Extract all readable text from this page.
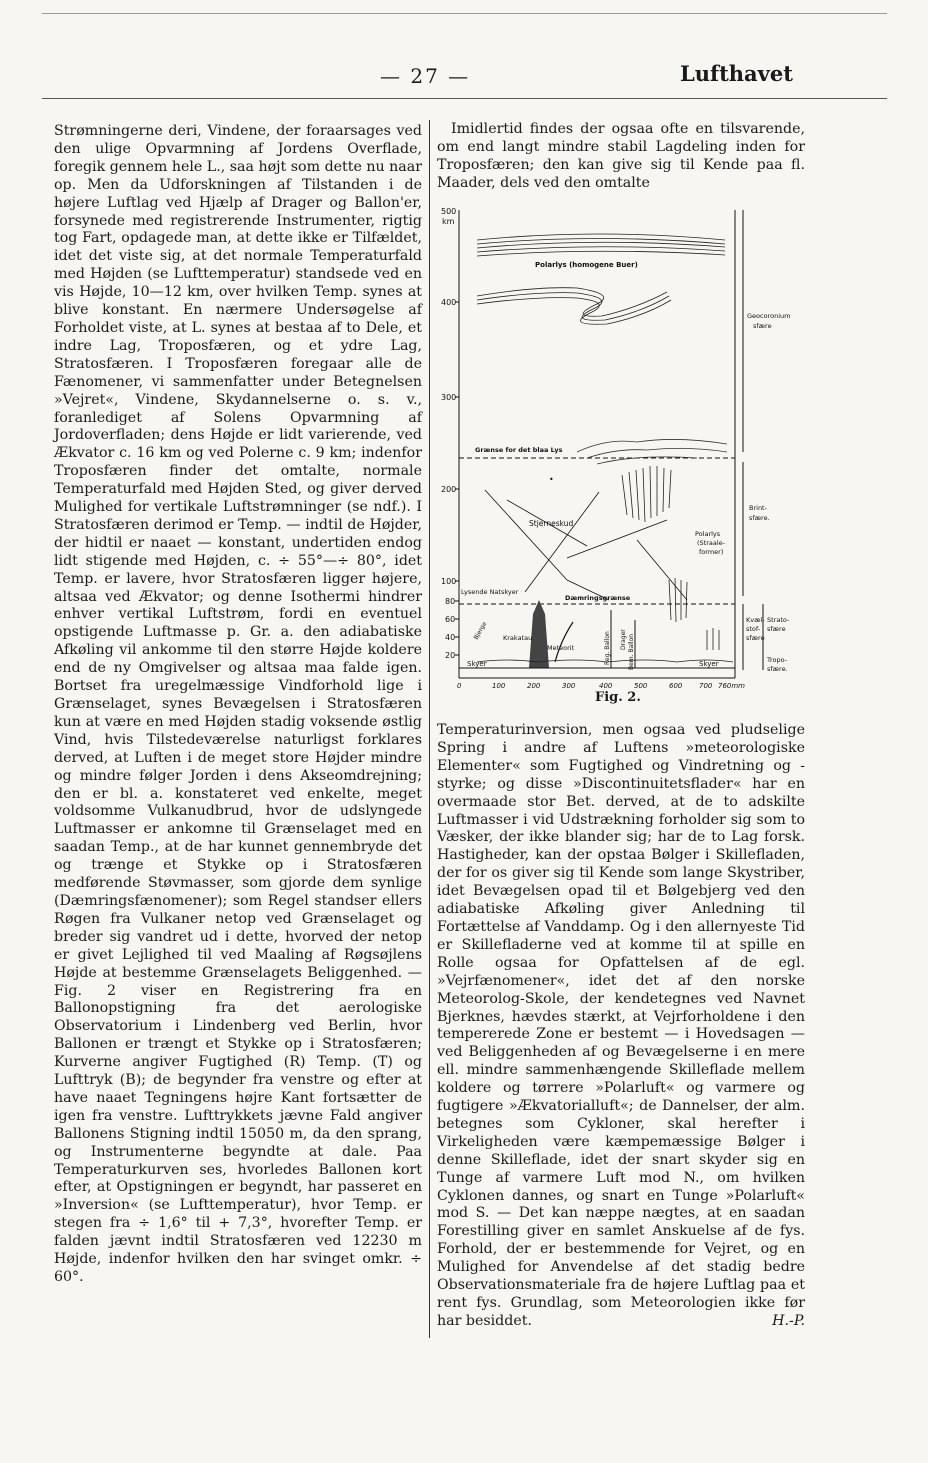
— 27 —	Lufthavet

Strømningerne deri, Vindene, der foraarsages ved den ulige Opvarmning af Jordens Overflade, foregik gennem hele L., saa højt som dette nu naar op. Men da Udforskningen af Tilstanden i de højere Luftlag ved Hjælp af Drager og Ballon'er, forsynede med registrerende Instrumenter, rigtig tog Fart, opdagede man, at dette ikke er Tilfældet, idet det viste sig, at det normale Temperaturfald med Højden (se Lufttemperatur) standsede ved en vis Højde, 10—12 km, over hvilken Temp. synes at blive konstant. En nærmere Undersøgelse af Forholdet viste, at L. synes at bestaa af to Dele, et indre Lag, Troposfæren, og et ydre Lag, Stratosfæren. I Troposfæren foregaar alle de Fænomener, vi sammenfatter under Betegnelsen »Vejret«, Vindene, Skydannelserne o. s. v., foranlediget af Solens Opvarmning af Jordoverfladen; dens Højde er lidt varierende, ved Ækvator c. 16 km og ved Polerne c. 9 km; indenfor Troposfæren finder det omtalte, normale Temperaturfald med Højden Sted, og giver derved Mulighed for vertikale Luftstrømninger (se ndf.). I Stratosfæren derimod er Temp. — indtil de Højder, der hidtil er naaet — konstant, undertiden endog lidt stigende med Højden, c. ÷ 55°—÷ 80°, idet Temp. er lavere, hvor Stratosfæren ligger højere, altsaa ved Ækvator; og denne Isothermi hindrer enhver vertikal Luftstrøm, fordi en eventuel opstigende Luftmasse p. Gr. a. den adiabatiske Afkøling vil ankomme til den større Højde koldere end de ny Omgivelser og altsaa maa falde igen. Bortset fra uregelmæssige Vindforhold lige i Grænselaget, synes Bevægelsen i Stratosfæren kun at være en med Højden stadig voksende østlig Vind, hvis Tilstedeværelse naturligst forklares derved, at Luften i de meget store Højder mindre og mindre følger Jorden i dens Akseomdrejning; den er bl. a. konstateret ved enkelte, meget voldsomme Vulkanudbrud, hvor de udslyngede Luftmasser er ankomne til Grænselaget med en saadan Temp., at de har kunnet gennembryde det og trænge et Stykke op i Stratosfæren medførende Støvmasser, som gjorde dem synlige (Dæmringsfænomener); som Regel standser ellers Røgen fra Vulkaner netop ved Grænselaget og breder sig vandret ud i dette, hvorved der netop er givet Lejlighed til ved Maaling af Røgsøjlens Højde at bestemme Grænselagets Beliggenhed. — Fig. 2 viser en Registrering fra en Ballonopstigning fra det aerologiske Observatorium i Lindenberg ved Berlin, hvor Ballonen er trængt et Stykke op i Stratosfæren; Kurverne angiver Fugtighed (R) Temp. (T) og Lufttryk (B); de begynder fra venstre og efter at have naaet Tegningens højre Kant fortsætter de igen fra venstre. Lufttrykkets jævne Fald angiver Ballonens Stigning indtil 15050 m, da den sprang, og Instrumenterne begyndte at dale. Paa Temperaturkurven ses, hvorledes Ballonen kort efter, at Opstigningen er begyndt, har passeret en »Inversion« (se Lufttemperatur), hvor Temp. er stegen fra ÷ 1,6° til + 7,3°, hvorefter Temp. er falden jævnt indtil Stratosfæren ved 12230 m Højde, indenfor hvilken den har svinget omkr. ÷ 60°.

Imidlertid findes der ogsaa ofte en tilsvarende, om end langt mindre stabil Lagdeling inden for Troposfæren; den kan give sig til Kende paa fl. Maader, dels ved den omtalte

500
km
400
300
200
100
80
60
40
20
0	100	200	300	400	500	600 700 760mm
Polarlys (homogene Buer)
Grænse for det blaa Lys
Polarlys
(Straale-
former)
Stjerneskud
•
Lysende Natskyer
Dæmringsgrænse
Reg. Ballon	Bem. Ballon
Drager
Krakatau
Meteorit
Bjerge
Skyer	Skyer
Geocoronium
sfære
Brint-
sfære.
Kvæl-
stof-
sfære
Strato-
sfære
Tropo-
sfære.
Fig. 2.

Temperaturinversion, men ogsaa ved pludselige Spring i andre af Luftens »meteorologiske Elementer« som Fugtighed og Vindretning og -styrke; og disse »Discontinuitetsflader« har en overmaade stor Bet. derved, at de to adskilte Luftmasser i vid Udstrækning forholder sig som to Væsker, der ikke blander sig; har de to Lag forsk. Hastigheder, kan der opstaa Bølger i Skillefladen, der for os giver sig til Kende som lange Skystriber, idet Bevægelsen opad til et Bølgebjerg ved den adiabatiske Afkøling giver Anledning til Fortættelse af Vanddamp. Og i den allernyeste Tid er Skillefladerne ved at komme til at spille en Rolle ogsaa for Opfattelsen af de egl. »Vejrfænomener«, idet det af den norske Meteorolog-Skole, der kendetegnes ved Navnet Bjerknes, hævdes stærkt, at Vejrforholdene i den tempererede Zone er bestemt — i Hovedsagen — ved Beliggenheden af og Bevægelserne i en mere ell. mindre sammenhængende Skilleflade mellem koldere og tørrere »Polarluft« og varmere og fugtigere »Ækvatorialluft«; de Dannelser, der alm. betegnes som Cykloner, skal herefter i Virkeligheden være kæmpemæssige Bølger i denne Skilleflade, idet der snart skyder sig en Tunge af varmere Luft mod N., om hvilken Cyklonen dannes, og snart en Tunge »Polarluft« mod S. — Det kan næppe nægtes, at en saadan Forestilling giver en samlet Anskuelse af de fys. Forhold, der er bestemmende for Vejret, og en Mulighed for Anvendelse af det stadig bedre Observationsmateriale fra de højere Luftlag paa et rent fys. Grundlag, som Meteorologien ikke før har besiddet.	H.-P.
